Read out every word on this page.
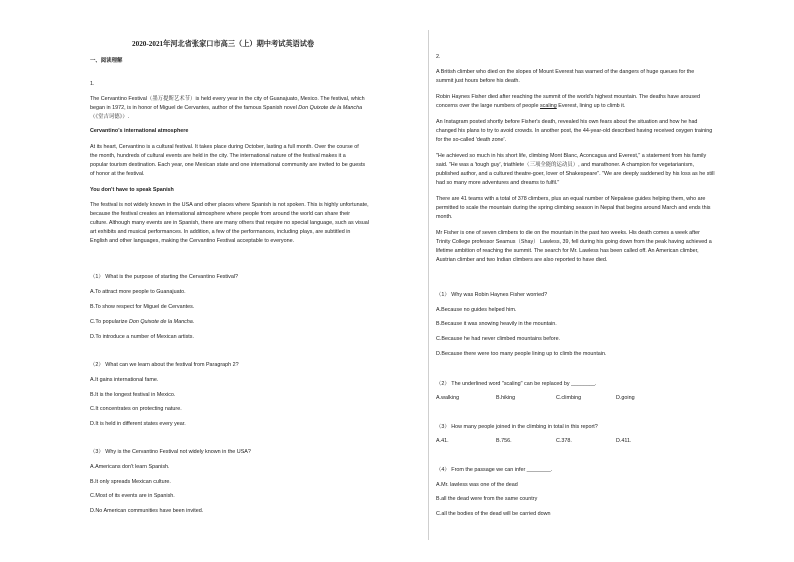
2020-2021年河北省张家口市高三（上）期中考试英语试卷
一、阅读理解
1.
The Cervantino Festival（墨万提斯艺术节）is held every year in the city of Guanajuato, Mexico. The festival, which
began in 1972, is in honor of Miguel de Cervantes, author of the famous Spanish novel Don Quixote de la Mancha
（《堂吉诃德》）.
Cervantino’s international atmosphere
At its heart, Cervantino is a cultural festival. It takes place during October, lasting a full month. Over the course of
the month, hundreds of cultural events are held in the city. The international nature of the festival makes it a
popular tourism destination. Each year, one Mexican state and one international community are invited to be guests
of honor at the festival.
You don't have to speak Spanish
The festival is not widely known in the USA and other places where Spanish is not spoken. This is highly unfortunate,
because the festival creates an international atmosphere where people from around the world can share their
culture. Although many events are in Spanish, there are many others that require no special language, such as visual
art exhibits and musical performances. In addition, a few of the performances, including plays, are subtitled in
English and other languages, making the Cervantino Festival acceptable to everyone.
（1） What is the purpose of starting the Cervantino Festival?
A.To attract more people to Guanajuato.
B.To show respect for Miguel de Cervantes.
C.To popularize Don Quixote de la Mancha.
D.To introduce a number of Mexican artists.
（2） What can we learn about the festival from Paragraph 2?
A.It gains international fame.
B.It is the longest festival in Mexico.
C.It concentrates on protecting nature.
D.It is held in different states every year.
（3） Why is the Cervantino Festival not widely known in the USA?
A.Americans don't learn Spanish.
B.It only spreads Mexican culture.
C.Most of its events are in Spanish.
D.No American communities have been invited.
2.
A British climber who died on the slopes of Mount Everest has warned of the dangers of huge queues for the
summit just hours before his death.
Robin Haynes Fisher died after reaching the summit of the world's highest mountain. The deaths have aroused
concerns over the large numbers of people scaling Everest, lining up to climb it.
An Instagram posted shortly before Fisher's death, revealed his own fears about the situation and how he had
changed his plans to try to avoid crowds. In another post, the 44-year-old described having received oxygen training
for the so-called 'death zone'.
"He achieved so much in his short life, climbing Mont Blanc, Aconcagua and Everest," a statement from his family
said. "He was a 'tough guy', triathlete（三项全能的运动员）, and marathoner. A champion for vegetarianism,
published author, and a cultured theatre-goer, lover of Shakespeare". "We are deeply saddened by his loss as he still
had so many more adventures and dreams to fulfil."
There are 41 teams with a total of 378 climbers, plus an equal number of Nepalese guides helping them, who are
permitted to scale the mountain during the spring climbing season in Nepal that begins around March and ends this
month.
Mr Fisher is one of seven climbers to die on the mountain in the past two weeks. His death comes a week after
Trinity College professor Seamus（Shay） Lawless, 39, fell during his going down from the peak having achieved a
lifetime ambition of reaching the summit. The search for Mr. Lawless has been called off. An American climber,
Austrian climber and two Indian climbers are also reported to have died.
（1） Why was Robin Haynes Fisher worried?
A.Because no guides helped him.
B.Because it was snowing heavily in the mountain.
C.Because he had never climbed mountains before.
D.Because there were too many people lining up to climb the mountain.
（2） The underlined word "scaling" can be replaced by ________.
A.walking	B.hiking	C.climbing	D.going
（3） How many people joined in the climbing in total in this report?
A.41.	B.756.	C.378.	D.411.
（4） From the passage we can infer ________.
A.Mr. lawless was one of the dead
B.all the dead were from the same country
C.all the bodies of the dead will be carried down
